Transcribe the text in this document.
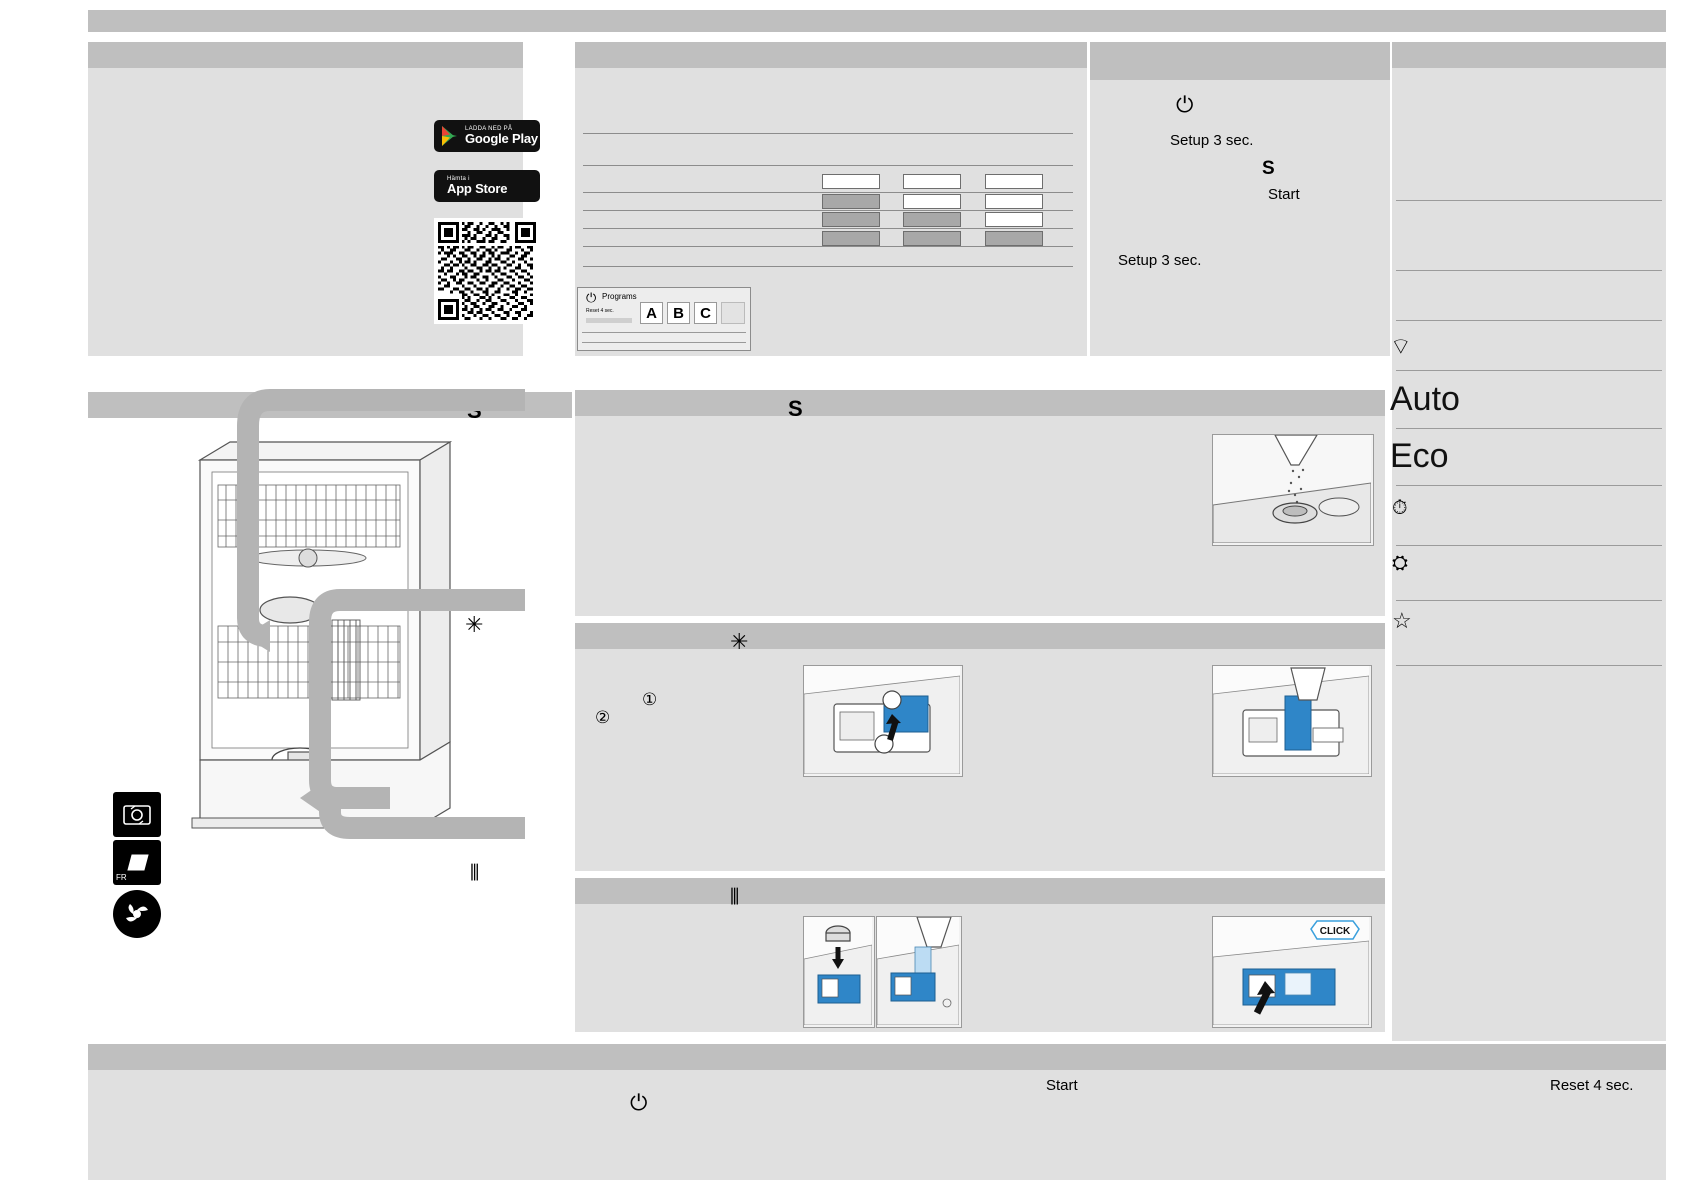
LADDA NED PÅ
Google Play
Hämta i
App Store
⏻ Programs
Reset 4 sec. A B C
⏻
Setup 3 sec.
S
Start
Setup 3 sec.
⌔
Auto
Eco
⏱
⛭
☆
S
✳
⫴
FR
S
✳
①
②
⫴
CLICK
⏻
Start	Reset 4 sec.
